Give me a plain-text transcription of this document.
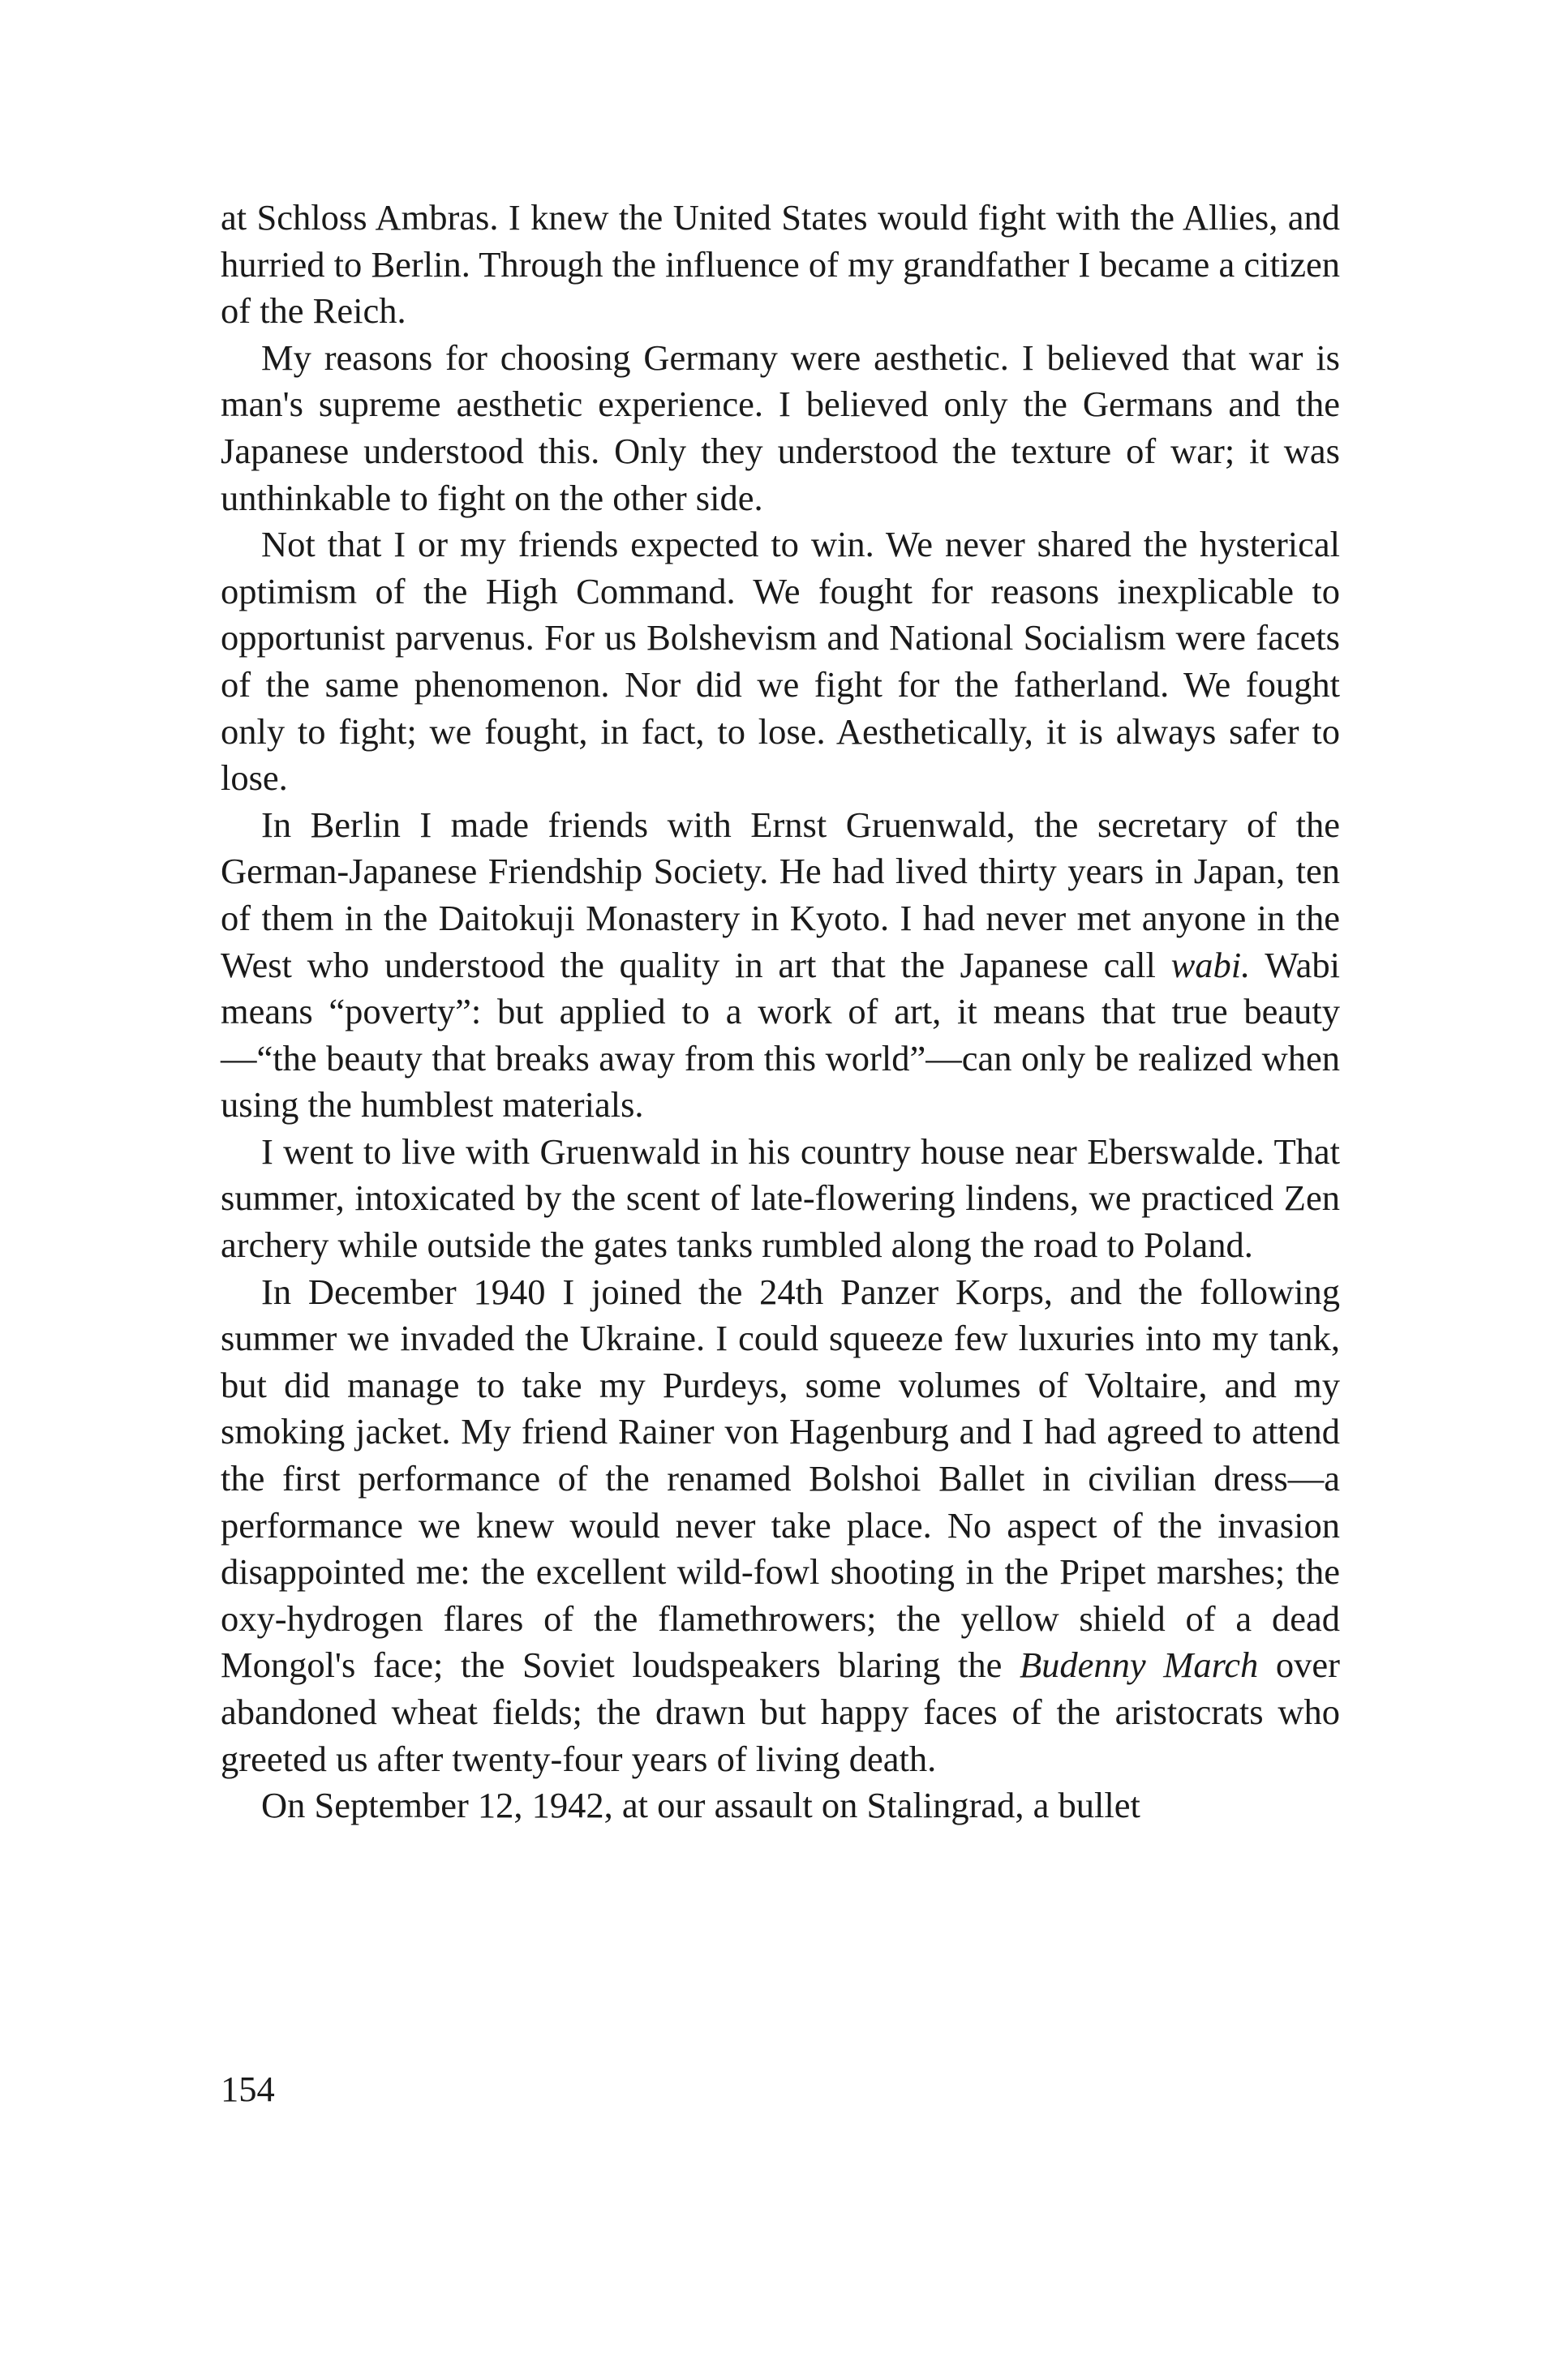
at Schloss Ambras. I knew the United States would fight with the Allies, and hurried to Berlin. Through the influence of my grandfather I became a citizen of the Reich.

My reasons for choosing Germany were aesthetic. I believed that war is man's supreme aesthetic experience. I believed only the Germans and the Japanese understood this. Only they understood the texture of war; it was unthinkable to fight on the other side.

Not that I or my friends expected to win. We never shared the hysterical optimism of the High Command. We fought for reasons inexplicable to opportunist parvenus. For us Bolshevism and National Socialism were facets of the same phenomenon. Nor did we fight for the fatherland. We fought only to fight; we fought, in fact, to lose. Aesthetically, it is always safer to lose.

In Berlin I made friends with Ernst Gruenwald, the secretary of the German-Japanese Friendship Society. He had lived thirty years in Japan, ten of them in the Daitokuji Monastery in Kyoto. I had never met anyone in the West who understood the quality in art that the Japanese call wabi. Wabi means “poverty”: but applied to a work of art, it means that true beauty—“the beauty that breaks away from this world”—can only be realized when using the humblest materials.

I went to live with Gruenwald in his country house near Eberswalde. That summer, intoxicated by the scent of late-flowering lindens, we practiced Zen archery while outside the gates tanks rumbled along the road to Poland.

In December 1940 I joined the 24th Panzer Korps, and the following summer we invaded the Ukraine. I could squeeze few luxuries into my tank, but did manage to take my Purdeys, some volumes of Voltaire, and my smoking jacket. My friend Rainer von Hagenburg and I had agreed to attend the first performance of the renamed Bolshoi Ballet in civilian dress—a performance we knew would never take place. No aspect of the invasion disappointed me: the excellent wild-fowl shooting in the Pripet marshes; the oxy-hydrogen flares of the flamethrowers; the yellow shield of a dead Mongol's face; the Soviet loudspeakers blaring the Budenny March over abandoned wheat fields; the drawn but happy faces of the aristocrats who greeted us after twenty-four years of living death.

On September 12, 1942, at our assault on Stalingrad, a bullet

154
